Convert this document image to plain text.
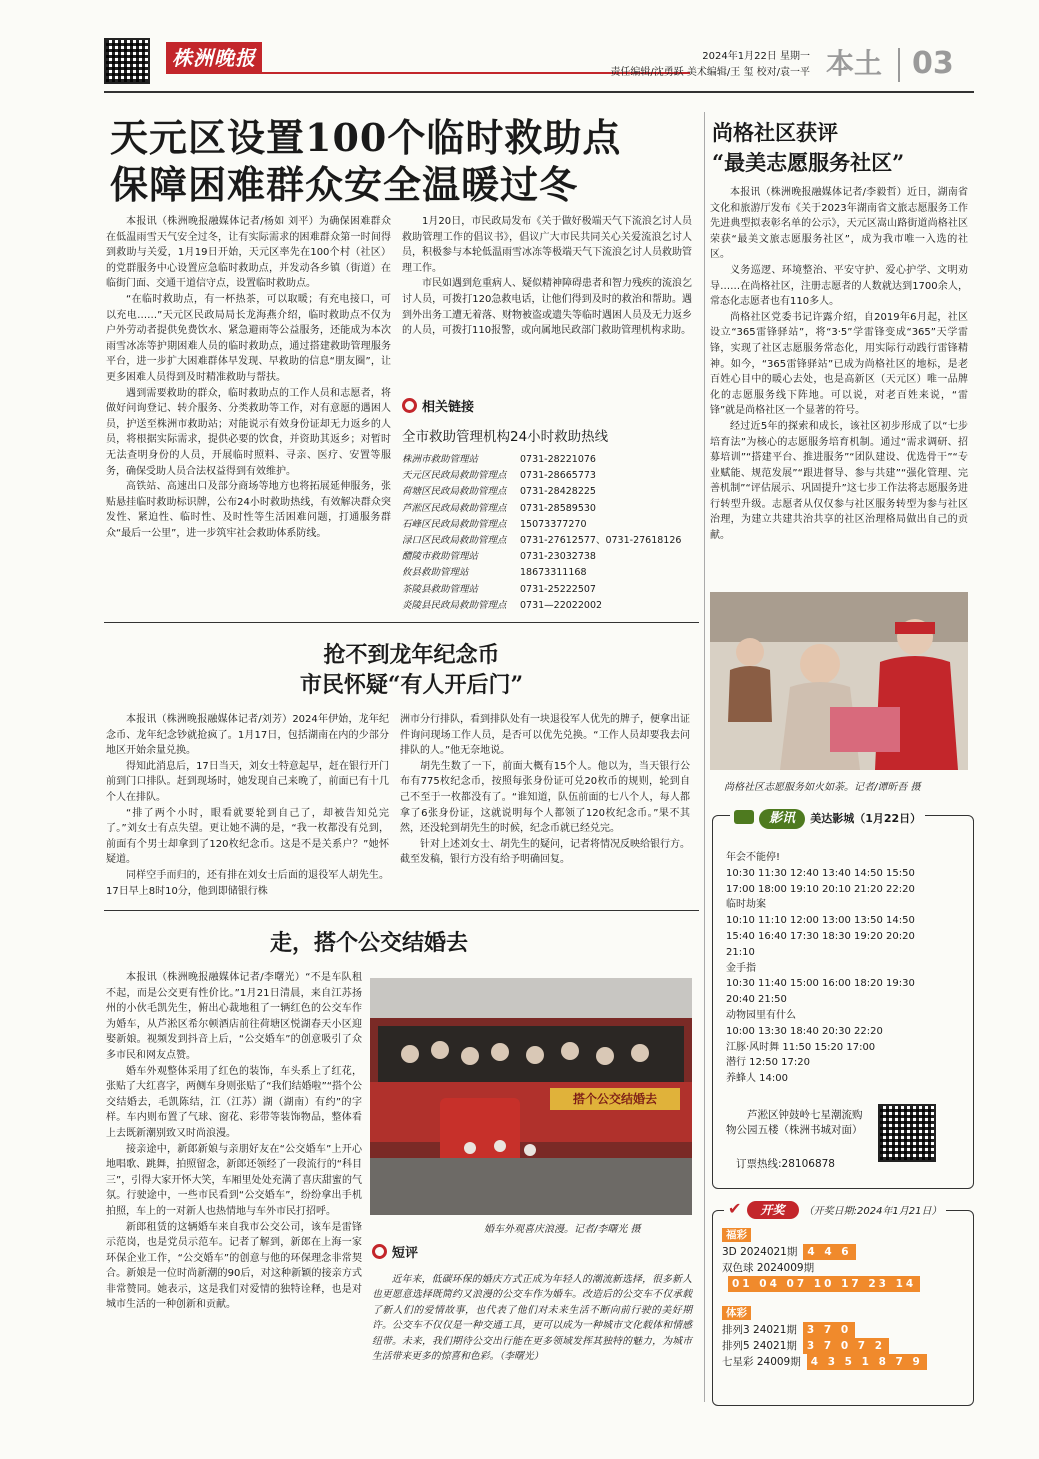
株洲晚报	2024年1月22日 星期一
责任编辑/沈勇跃 美术编辑/王 玺 校对/袁一平 本土 03
天元区设置100个临时救助点
保障困难群众安全温暖过冬

本报讯（株洲晚报融媒体记者/杨如 刘平）为确保困难群众在低温雨雪天气安全过冬，让有实际需求的困难群众第一时间得到救助与关爱，1月19日开始，天元区率先在100个村（社区）的党群服务中心设置应急临时救助点，并发动各乡镇（街道）在临街门面、交通干道信守点，设置临时救助点。

“在临时救助点，有一杯热茶，可以取暖；有充电接口，可以充电……”天元区民政局局长龙海燕介绍，临时救助点不仅为户外劳动者提供免费饮水、紧急避雨等公益服务，还能成为本次雨雪冰冻等护期困难人员的临时救助点，通过搭建救助管理服务平台，进一步扩大困难群体早发现、早救助的信息“朋友圈”，让更多困难人员得到及时精准救助与帮扶。

遇到需要救助的群众，临时救助点的工作人员和志愿者，将做好问询登记、转介服务、分类救助等工作，对有意愿的遇困人员，护送至株洲市救助站；对能说示有效身份证却无力返乡的人员，将根据实际需求，提供必要的饮食，并资助其返乡；对暂时无法查明身份的人员，开展临时照料、寻亲、医疗、安置等服务，确保受助人员合法权益得到有效维护。

高铁站、高速出口及部分商场等地方也将拓展延伸服务，张贴悬挂临时救助标识牌，公布24小时救助热线，有效解决群众突发性、紧迫性、临时性、及时性等生活困难问题，打通服务群众“最后一公里”，进一步筑牢社会救助体系防线。

1月20日，市民政局发布《关于做好极端天气下流浪乞讨人员救助管理工作的倡议书》，倡议广大市民共同关心关爱流浪乞讨人员，积极参与本轮低温雨雪冰冻等极端天气下流浪乞讨人员救助管理工作。

市民如遇到危重病人、疑似精神障碍患者和智力残疾的流浪乞讨人员，可拨打120急救电话，让他们得到及时的救治和帮助。遇到外出务工遭无着落、财物被盗或遗失等临时遇困人员及无力返乡的人员，可拨打110报警，或向属地民政部门救助管理机构求助。

相关链接
全市救助管理机构24小时救助热线
株洲市救助管理站	0731-28221076
天元区民政局救助管理点 0731-28665773
荷塘区民政局救助管理点 0731-28428225
芦淞区民政局救助管理点 0731-28589530
石峰区民政局救助管理点 15073377270
渌口区民政局救助管理点 0731-27612577、0731-27618126
醴陵市救助管理站	0731-23032738
攸县救助管理站	18673311168
茶陵县救助管理站	0731-25222507
炎陵县民政局救助管理点 0731—22022002
抢不到龙年纪念币
市民怀疑“有人开后门”

本报讯（株洲晚报融媒体记者/刘芳）2024年伊始，龙年纪念币、龙年纪念钞就抢疯了。1月17日，包括湖南在内的少部分地区开始余量兑换。

得知此消息后，17日当天，刘女士特意起早，赶在银行开门前到门口排队。赶到现场时，她发现自己来晚了，前面已有十几个人在排队。

“排了两个小时，眼看就要轮到自己了，却被告知兑完了。”刘女士有点失望。更让她不满的是，“我一枚都没有兑到，前面有个男士却拿到了120枚纪念币。这是不是关系户？”她怀疑道。

同样空手而归的，还有排在刘女士后面的退役军人胡先生。17日早上8时10分，他到即储银行株

洲市分行排队，看到排队处有一块退役军人优先的牌子，便拿出证件询问现场工作人员，是否可以优先兑换。“工作人员却要我去问排队的人。”他无奈地说。

胡先生数了一下，前面大概有15个人。他以为，当天银行公布有775枚纪念币，按照每张身份证可兑20枚币的规则，轮到自己不至于一枚都没有了。“谁知道，队伍前面的七八个人，每人都拿了6张身份证，这就说明每个人都领了120枚纪念币。”果不其然，还没轮到胡先生的时候，纪念币就已经兑完。

针对上述刘女士、胡先生的疑问，记者将情况反映给银行方。截至发稿，银行方没有给予明确回复。

走，搭个公交结婚去

本报讯（株洲晚报融媒体记者/李曙光）“不是车队租不起，而是公交更有性价比。”1月21日清晨，来自江苏扬州的小伙毛凯先生，俯出心裁地租了一辆红色的公交车作为婚车，从芦淞区希尔顿酒店前往荷塘区悦湖春天小区迎娶新娘。视频发到抖音上后，“公交婚车”的创意吸引了众多市民和网友点赞。

婚车外观整体采用了红色的装饰，车头系上了红花，张贴了大红喜字，两侧车身则张贴了“我们结婚啦”“搭个公交结婚去，毛凯陈结，江（江苏）湖（湖南）有约”的字样。车内则布置了气球、窗花、彩带等装饰物品，整体看上去既新潮别致又时尚浪漫。

接亲途中，新郎新娘与亲朋好友在“公交婚车”上开心地唱歌、跳舞，拍照留念，新郎还领经了一段流行的“科目三”，引得大家开怀大笑，车厢里处处充满了喜庆甜蜜的气氛。行驶途中，一些市民看到“公交婚车”，纷纷拿出手机拍照，车上的一对新人也热情地与车外市民打招呼。

新郎租赁的这辆婚车来自我市公交公司，该车是雷锋示范岗，也是党员示范车。记者了解到，新郎在上海一家环保企业工作，“公交婚车”的创意与他的环保理念非常契合。新娘是一位时尚新潮的90后，对这种新颖的接亲方式非常赞同。她表示，这是我们对爱情的独特诠释，也是对城市生活的一种创新和贡献。

搭个公交结婚去
婚车外观喜庆浪漫。记者/李曙光 摄
短评
近年来，低碳环保的婚庆方式正成为年轻人的潮流新选择，很多新人也更愿意选择既简约又浪漫的公交车作为婚车。改造后的公交车不仅承载了新人们的爱情故事，也代表了他们对未来生活不断向前行驶的美好期许。公交车不仅仅是一种交通工具，更可以成为一种城市文化载体和情感纽带。未来，我们期待公交出行能在更多领域发挥其独特的魅力，为城市生活带来更多的惊喜和色彩。（李曙光）
尚格社区获评
“最美志愿服务社区”

本报讯（株洲晚报融媒体记者/李毅哲）近日，湖南省文化和旅游厅发布《关于2023年湖南省文旅志愿服务工作先进典型拟表彰名单的公示》，天元区嵩山路街道尚格社区荣获“最美文旅志愿服务社区”，成为我市唯一入选的社区。

义务巡逻、环境整治、平安守护、爱心护学、文明劝导……在尚格社区，注册志愿者的人数就达到1700余人，常态化志愿者也有110多人。

尚格社区党委书记许露介绍，自2019年6月起，社区设立“365雷锋驿站”，将“3·5”学雷锋变成“365”天学雷锋，实现了社区志愿服务常态化，用实际行动践行雷锋精神。如今，“365雷锋驿站”已成为尚格社区的地标，是老百姓心目中的暖心去处，也是高新区（天元区）唯一品牌化的志愿服务线下阵地。可以说，对老百姓来说，“雷锋”就是尚格社区一个显著的符号。

经过近5年的探索和成长，该社区初步形成了以“七步培育法”为核心的志愿服务培育机制。通过“需求调研、招募培训”“搭建平台、推进服务”“团队建设、优选骨干”“专业赋能、规范发展”“跟进督导、参与共建”“强化管理、完善机制”“评估展示、巩固提升”这七步工作法将志愿服务进行转型升级。志愿者从仅仅参与社区服务转型为参与社区治理，为建立共建共治共享的社区治理格局做出自己的贡献。

尚格社区志愿服务如火如荼。记者/谭昕吾 摄
影讯 美达影城（1月22日）
年会不能停!
10:30 11:30 12:40 13:40 14:50 15:50
17:00 18:00 19:10 20:10 21:20 22:20
临时劫案
10:10 11:10 12:00 13:00 13:50 14:50
15:40 16:40 17:30 18:30 19:20 20:20
21:10
金手指
10:30 11:40 15:00 16:00 18:20 19:30
20:40 21:50
动物园里有什么
10:00 13:30 18:40 20:30 22:20
江豚·风时舞 11:50 15:20 17:00
潜行 12:50 17:20
养蜂人 14:00
芦淞区钟鼓岭七星潮流购物公园五楼（株洲书城对面）
订票热线:28106878
✔ 开奖 （开奖日期:2024年1月21日）
福彩
3D 2024021期 4 4 6
双色球 2024009期
01 04 07 10 17 23 14
体彩
排列3 24021期 3 7 0
排列5 24021期 3 7 0 7 2
七星彩 24009期 4 3 5 1 8 7 9
